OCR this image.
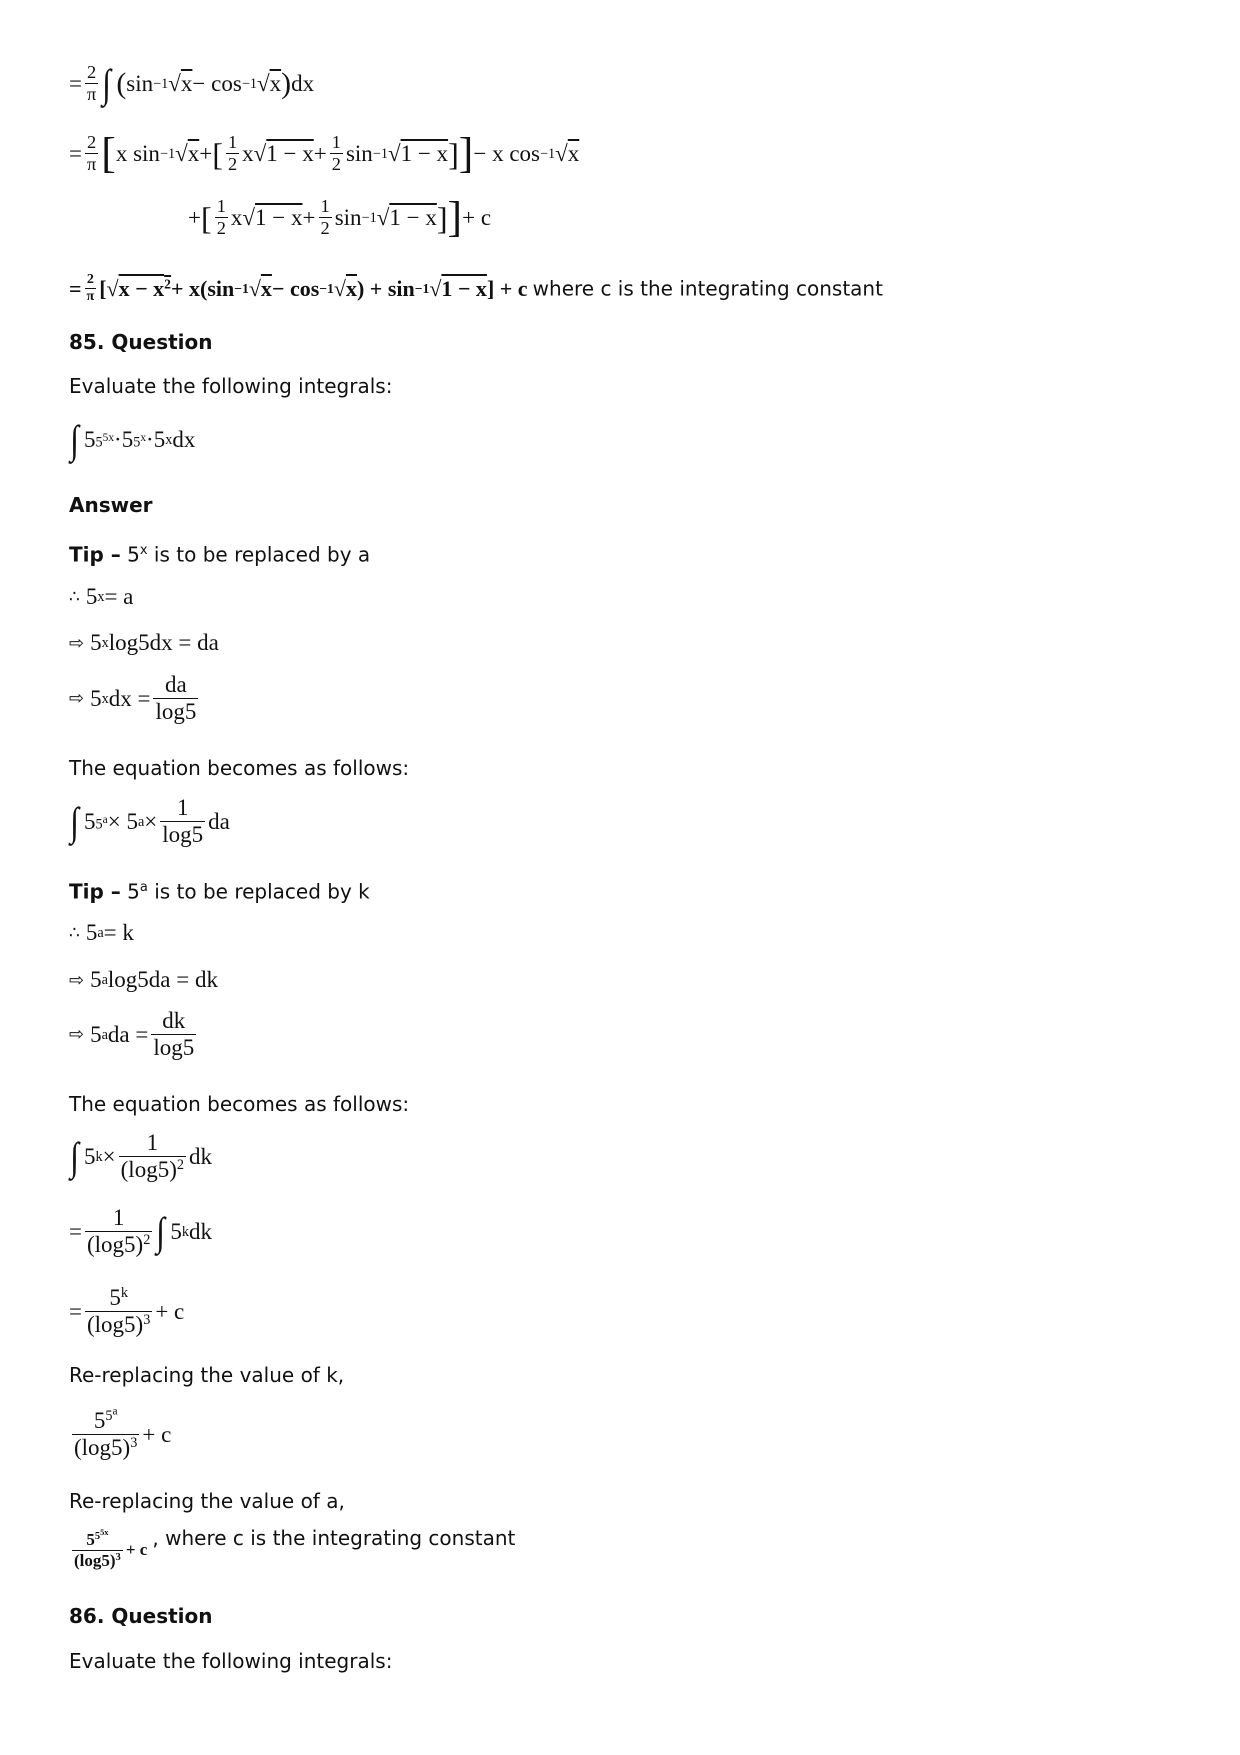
= $\frac{2}{\pi}$ ∫ ( sin −1 √ x − cos −1 √ x ) dx
= $\frac{2}{\pi}$ [ x sin −1 √ x + [ $\frac{1}{2} x√$ $1 - x + \frac{1}{2}$ sin −1 √ 1 − x ] ] − x cos −1 √ x
+ [ $\frac{1}{2} x√$ $1 - x + \frac{1}{2}$ sin −1 √ 1 − x ] ] + c
= $\frac{2}{\pi}$ [√ $x - x^2 + x(\sin -1$ √ x − cos −1 √ x ) + sin −1 √ 1 − x ] + c where c is the integrating constant
85. Question
Evaluate the following integrals:
∫ 5 $5^{5x} \cdot 5$ $5^x \cdot 5$ x dx
Answer
Tip – 5$^x$ is to be replaced by a
∴ 5 x = a
⇨ 5 x log5dx = da
⇨ 5 x dx = $\frac{da}{\log 5}$
The equation becomes as follows:
∫ 5 $5^a \times 5$ $a \times \frac{1}{\log 5}$ da
Tip – 5$^a$ is to be replaced by k
∴ 5 a = k
⇨ 5 a log5da = dk
⇨ 5 a da = $\frac{dk}{\log 5}$
The equation becomes as follows:
∫ 5 $k \times \frac{1}{(\log 5)^2}$ dk
= $\frac{1}{(\log 5)^2}$ ∫ 5 k dk
= $\frac{5^k}{(\log 5)^3} + c$
Re-replacing the value of k,
$\frac{5^{5^a}}{(\log 5)^3} + c$
Re-replacing the value of a,
$\frac{5^{5^{5x}}}{(\log 5)^3} + c$ , where c is the integrating constant
86. Question
Evaluate the following integrals:
